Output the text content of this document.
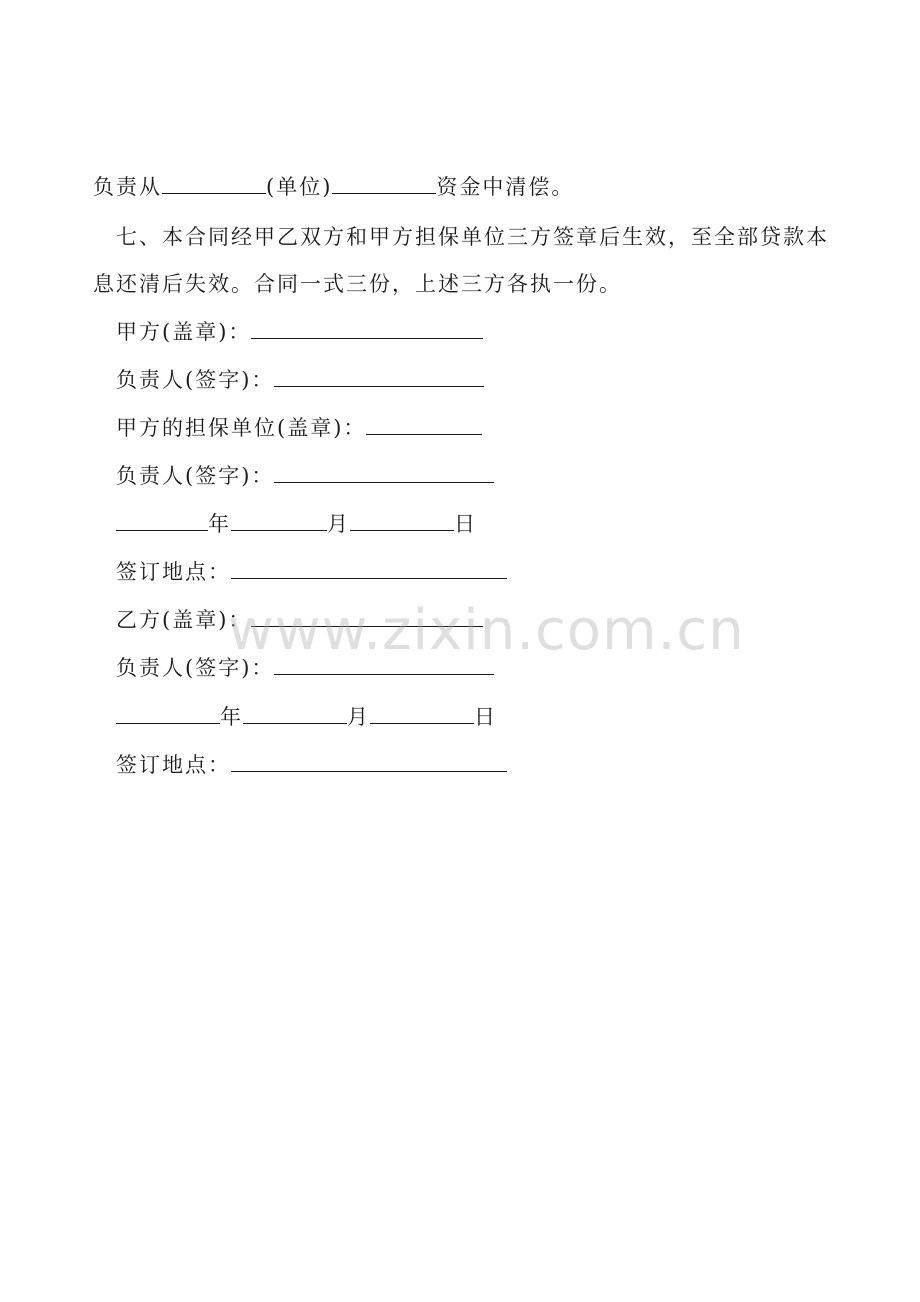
负责从	(单位)	资金中清偿。
七、本合同经甲乙双方和甲方担保单位三方签章后生效，至全部贷款本
息还清后失效。合同一式三份，上述三方各执一份。
甲方(盖章)：
负责人(签字)：
甲方的担保单位(盖章)：
负责人(签字)：
年	月	日
签订地点：
乙方(盖章)：
负责人(签字)：
年	月	日
签订地点：
www.zixin.com.cn
